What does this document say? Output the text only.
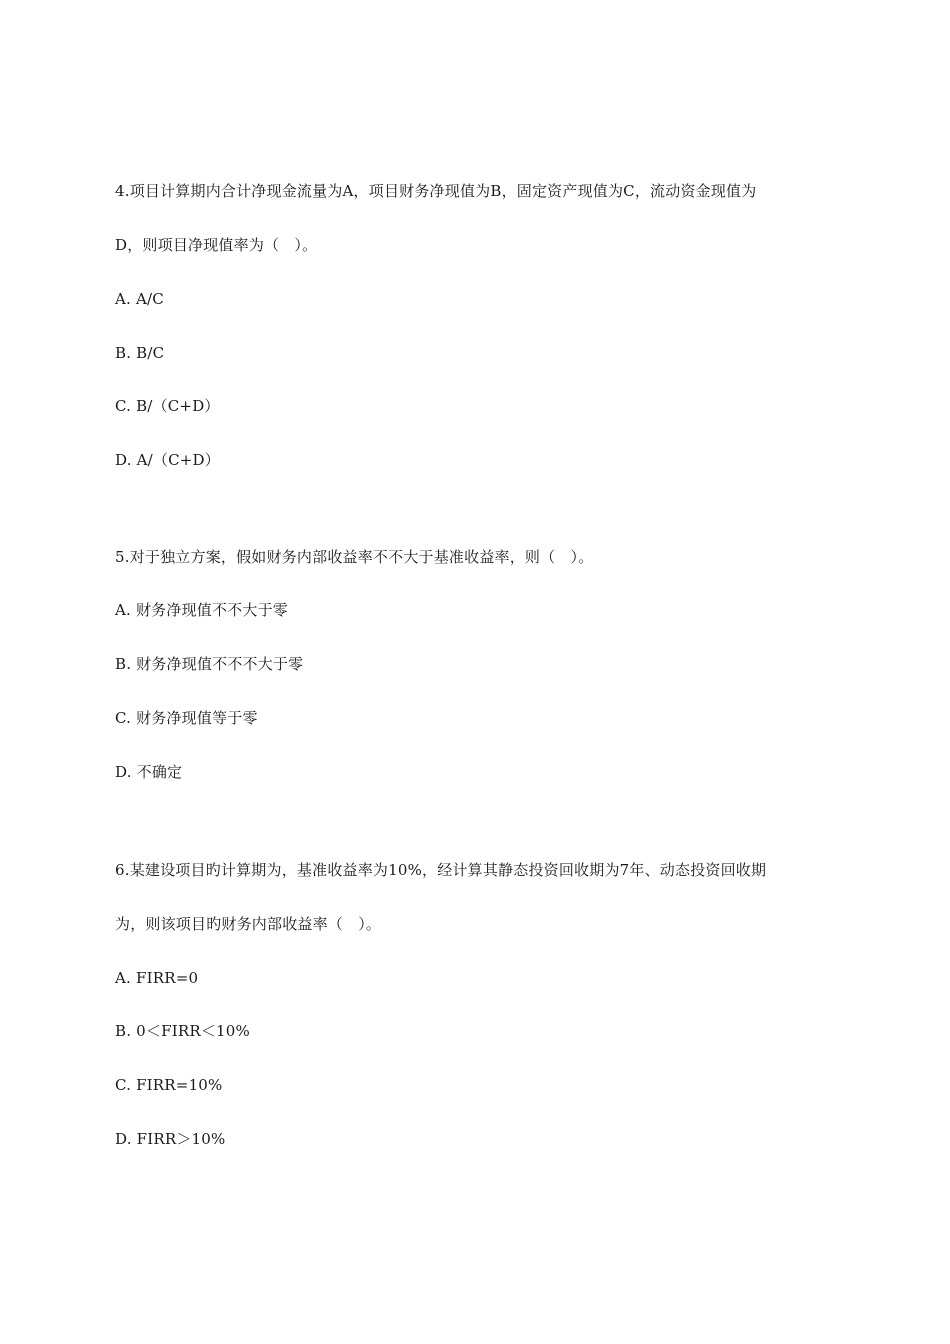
4.项目计算期内合计净现金流量为A，项目财务净现值为B，固定资产现值为C，流动资金现值为
D，则项目净现值率为（　）。
A. A/C
B. B/C
C. B/（C+D）
D. A/（C+D）
5.对于独立方案，假如财务内部收益率不不大于基准收益率，则（　）。
A. 财务净现值不不大于零
B. 财务净现值不不不大于零
C. 财务净现值等于零
D. 不确定
6.某建设项目旳计算期为，基准收益率为10%，经计算其静态投资回收期为7年、动态投资回收期
为，则该项目旳财务内部收益率（　）。
A. FIRR=0
B. 0＜FIRR＜10%
C. FIRR=10%
D. FIRR＞10%
